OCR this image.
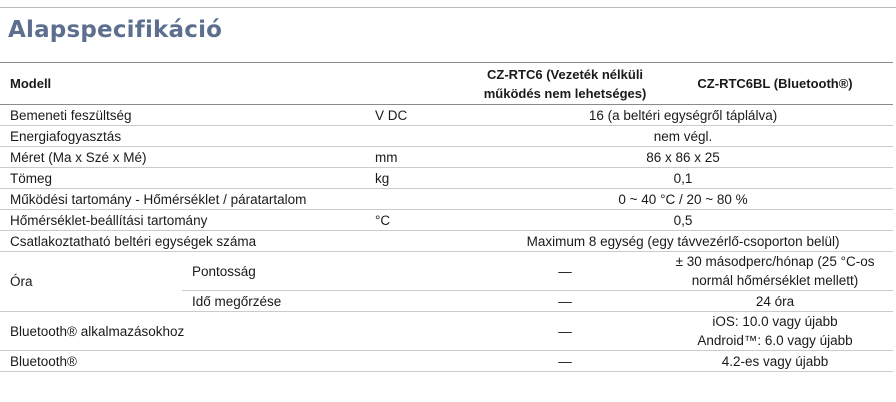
Alapspecifikáció
Modell			CZ-RTC6 (Vezeték nélküli működés nem lehetséges)	CZ-RTC6BL (Bluetooth®)
Bemeneti feszültség		V DC	16 (a beltéri egységről táplálva)	
Energiafogyasztás			nem végl.	
Méret (Ma x Szé x Mé)		mm	86 x 86 x 25	
Tömeg		kg	0,1	
Működési tartomány - Hőmérséklet / páratartalom			0 ~ 40 °C / 20 ~ 80 %	
Hőmérséklet-beállítási tartomány		°C	0,5	
Csatlakoztatható beltéri egységek száma			Maximum 8 egység (egy távvezérlő-csoporton belül)	
Óra	Pontosság		—	± 30 másodperc/hónap (25 °C-os normál hőmérséklet mellett)
	Idő megőrzése		—	24 óra
Bluetooth® alkalmazásokhoz			—	iOS: 10.0 vagy újabb
Android™: 6.0 vagy újabb

Bluetooth®			—	4.2-es vagy újabb
